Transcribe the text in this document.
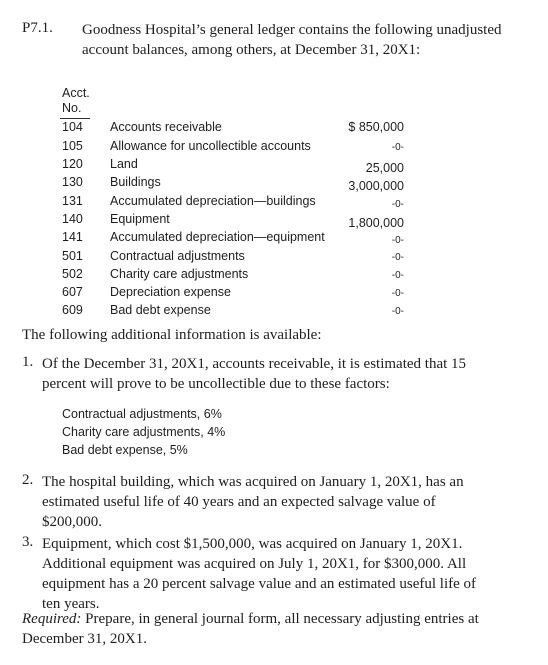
P7.1. Goodness Hospital’s general ledger contains the following unadjusted account balances, among others, at December 31, 20X1:
Acct.
No.
104 Accounts receivable	$ 850,000
105 Allowance for uncollectible accounts	-0-
120 Land	25,000
130 Buildings	3,000,000
131 Accumulated depreciation—buildings	-0-
140 Equipment	1,800,000
141 Accumulated depreciation—equipment	-0-
501 Contractual adjustments	-0-
502 Charity care adjustments	-0-
607 Depreciation expense	-0-
609 Bad debt expense	-0-
The following additional information is available:
1. Of the December 31, 20X1, accounts receivable, it is estimated that 15 percent will prove to be uncollectible due to these factors:
Contractual adjustments, 6%
Charity care adjustments, 4%
Bad debt expense, 5%
2. The hospital building, which was acquired on January 1, 20X1, has an estimated useful life of 40 years and an expected salvage value of $200,000.
3. Equipment, which cost $1,500,000, was acquired on January 1, 20X1. Additional equipment was acquired on July 1, 20X1, for $300,000. All equipment has a 20 percent salvage value and an estimated useful life of ten years.
Required: Prepare, in general journal form, all necessary adjusting entries at December 31, 20X1.
